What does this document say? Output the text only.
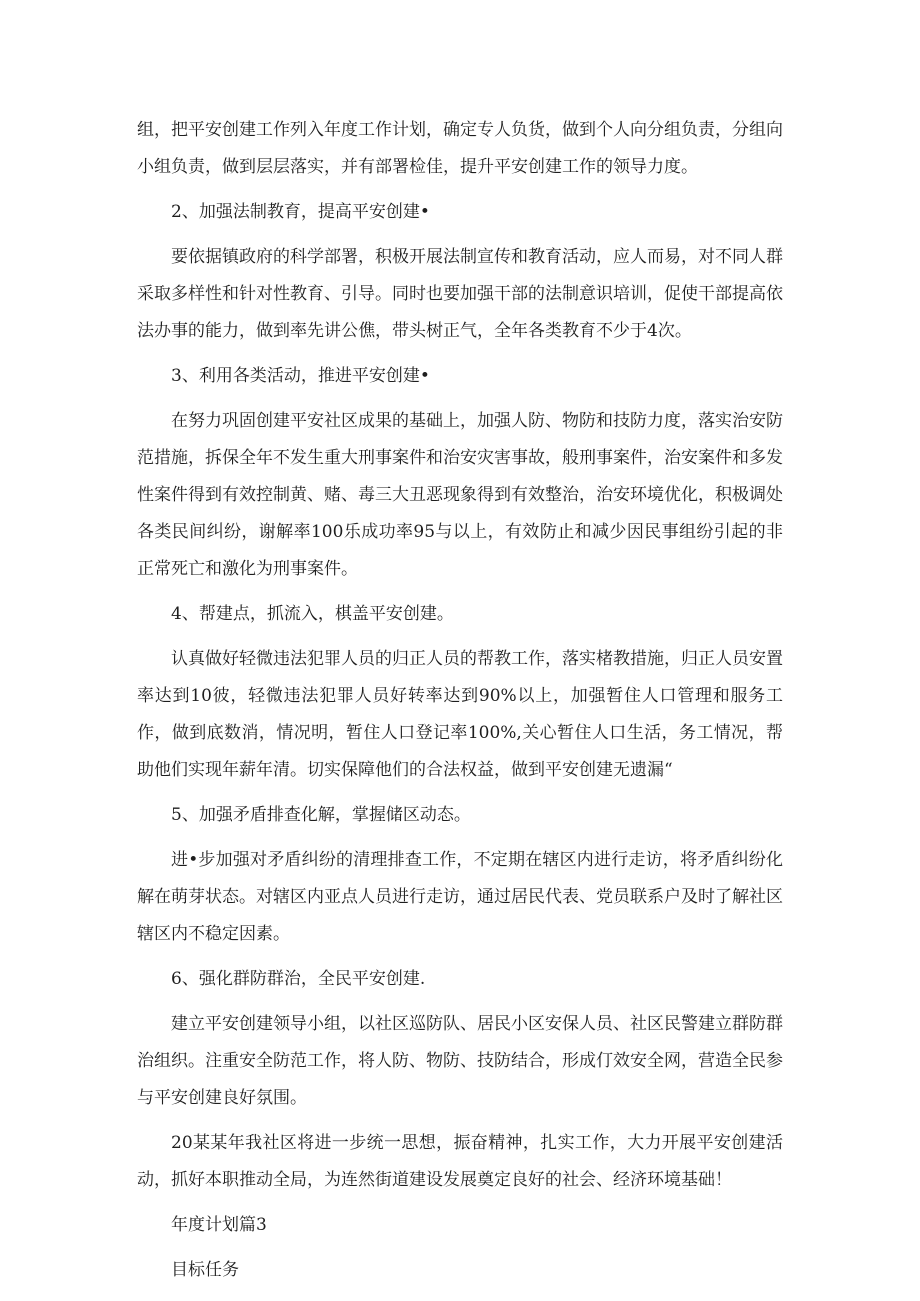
组，把平安创建工作列入年度工作计划，确定专人负货，做到个人向分组负责，分组向小组负责，做到层层落实，并有部署检佳，提升平安创建工作的领导力度。

2、加强法制教育，提高平安创建•

要依据镇政府的科学部署，积极开展法制宣传和教育活动，应人而易，对不同人群采取多样性和针对性教育、引导。同时也要加强干部的法制意识培训，促使干部提高依法办事的能力，做到率先讲公僬，带头树正气，全年各类教育不少于4次。

3、利用各类活动，推进平安创建•

在努力巩固创建平安社区成果的基础上，加强人防、物防和技防力度，落实治安防范措施，拆保全年不发生重大刑事案件和治安灾害事故，般刑事案件，治安案件和多发性案件得到有效控制黄、赌、毒三大丑恶现象得到有效整治，治安环境优化，积极调处各类民间纠纷，谢解率100乐成功率95与以上，有效防止和减少因民事组纷引起的非正常死亡和激化为刑事案件。

4、帮建点，抓流入，棋盖平安创建。

认真做好轻微违法犯罪人员的归正人员的帮教工作，落实楮教措施，归正人员安置率达到10彼，轻微违法犯罪人员好转率达到90%以上，加强暂住人口管理和服务工作，做到底数消，情况明，暂住人口登记率100%,关心暂住人口生活，务工情况，帮助他们实现年薪年清。切实保障他们的合法权益，做到平安创建无遗漏“

5、加强矛盾排查化解，掌握储区动态。

进•步加强对矛盾纠纷的清理排查工作，不定期在辖区内进行走访，将矛盾纠纷化解在萌芽状态。对辖区内亚点人员进行走访，通过居民代表、党员联系户及时了解社区辖区内不稳定因素。

6、强化群防群治，全民平安创建.

建立平安创建领导小组，以社区巡防队、居民小区安保人员、社区民警建立群防群治组织。注重安全防范工作，将人防、物防、技防结合，形成仃效安全网，营造全民参与平安创建良好氛围。

20某某年我社区将进一步统一思想，振奋精神，扎实工作，大力开展平安创建活动，抓好本职推动全局，为连然街道建设发展奠定良好的社会、经济环境基础！

年度计划篇3

目标任务
